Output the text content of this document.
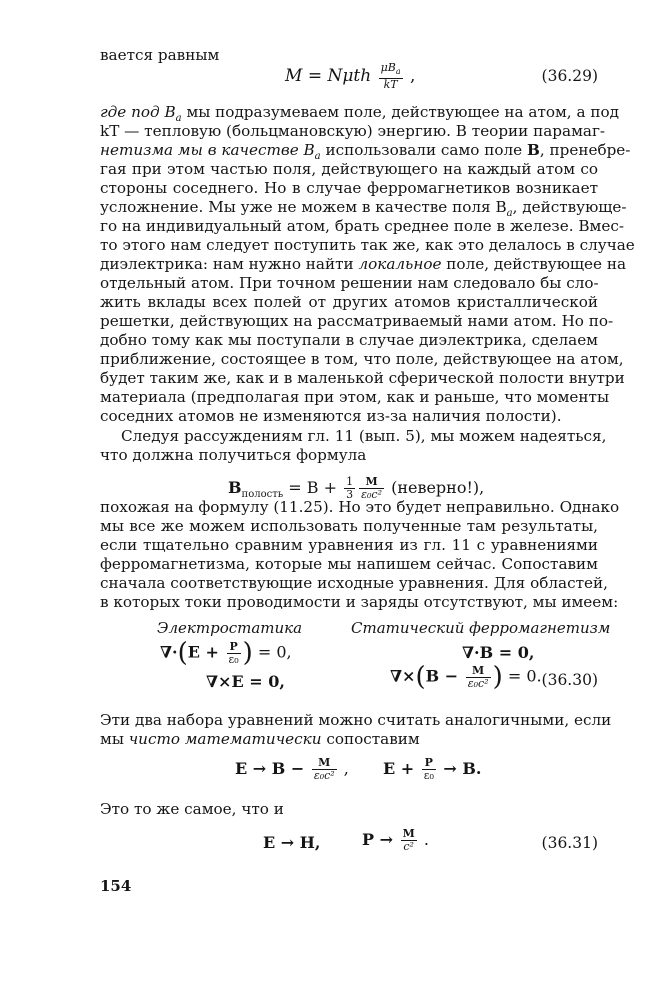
вается равным
M = Nμth $\frac{\mu B_a}{kT}$ ,	(36.29)
где под $B_a$ мы подразумеваем поле, действующее на атом, а под
kT — тепловую (больцмановскую) энергию. В теории парамаг-
нетизма мы в качестве $B_a$ использовали само поле B, пренебре-
гая при этом частью поля, действующего на каждый атом со
стороны соседнего. Но в случае ферромагнетиков возникает
усложнение. Мы уже не можем в качестве поля $B_a$, действующе-
го на индивидуальный атом, брать среднее поле в железе. Вмес-
то этого нам следует поступить так же, как это делалось в случае
диэлектрика: нам нужно найти локальное поле, действующее на
отдельный атом. При точном решении нам следовало бы сло-
жить вклады всех полей от других атомов кристаллической
решетки, действующих на рассматриваемый нами атом. Но по-
добно тому как мы поступали в случае диэлектрика, сделаем
приближение, состоящее в том, что поле, действующее на атом,
будет таким же, как и в маленькой сферической полости внутри
материала (предполагая при этом, как и раньше, что моменты
соседних атомов не изменяются из-за наличия полости).
Следуя рассуждениям гл. 11 (вып. 5), мы можем надеяться,
что должна получиться формула
$B_{полость} = B + \frac{1}{3} \frac{M}{\text{ε₀c²}}$ (неверно!),
похожая на формулу (11.25). Но это будет неправильно. Однако
мы все же можем использовать полученные там результаты,
если тщательно сравним уравнения из гл. 11 с уравнениями
ферромагнетизма, которые мы напишем сейчас. Сопоставим
сначала соответствующие исходные уравнения. Для областей,
в которых токи проводимости и заряды отсутствуют, мы имеем:
Электростатика	Статический ферромагнетизм
$\nabla\cdot(E + \frac{P}{\text{ε₀}}$ ) = 0,
∇×E = 0,
∇·B = 0,
$\nabla\times(B - \frac{M}{\text{ε₀c²}}$ ) = 0. (36.30)
Эти два набора уравнений можно считать аналогичными, если
мы чисто математически сопоставим
$E \to B - \frac{M}{\text{ε₀c²}}$ , $E + \frac{P}{\text{ε₀}} \to B$.
Это то же самое, что и
E → H,	$P \to \frac{M}{\text{c²}}$ .	(36.31)
154
